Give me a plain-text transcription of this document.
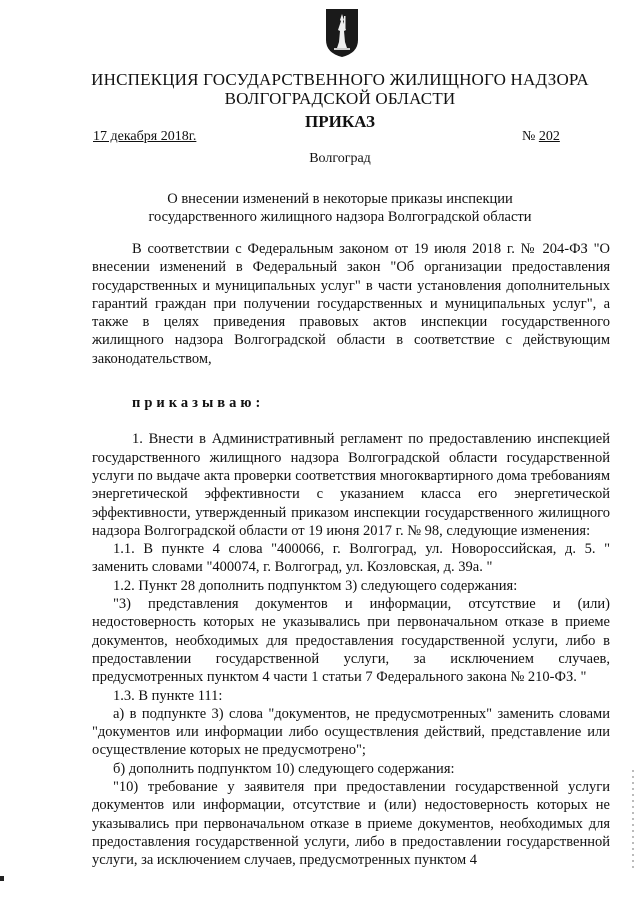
ИНСПЕКЦИЯ ГОСУДАРСТВЕННОГО ЖИЛИЩНОГО НАДЗОРА
ВОЛГОГРАДСКОЙ ОБЛАСТИ
ПРИКАЗ
17 декабря 2018г.	№ 202
Волгоград
О внесении изменений в некоторые приказы инспекции
государственного жилищного надзора Волгоградской области

В соответствии с Федеральным законом от 19 июля 2018 г. № 204-ФЗ "О внесении изменений в Федеральный закон "Об организации предоставления государственных и муниципальных услуг" в части установления дополнительных гарантий граждан при получении государственных и муниципальных услуг", а также в целях приведения правовых актов инспекции государственного жилищного надзора Волгоградской области в соответствие с действующим законодательством,

приказываю:

1. Внести в Административный регламент по предоставлению инспекцией государственного жилищного надзора Волгоградской области государственной услуги по выдаче акта проверки соответствия многоквартирного дома требованиям энергетической эффективности с указанием класса его энергетической эффективности, утвержденный приказом инспекции государственного жилищного надзора Волгоградской области от 19 июня 2017 г. № 98, следующие изменения:

1.1. В пункте 4 слова "400066, г. Волгоград, ул. Новороссийская, д. 5. " заменить словами "400074, г. Волгоград, ул. Козловская, д. 39а. "

1.2. Пункт 28 дополнить подпунктом 3) следующего содержания:

"3) представления документов и информации, отсутствие и (или) недостоверность которых не указывались при первоначальном отказе в приеме документов, необходимых для предоставления государственной услуги, либо в предоставлении государственной услуги, за исключением случаев, предусмотренных пунктом 4 части 1 статьи 7 Федерального закона № 210-ФЗ. "

1.3. В пункте 111:

а) в подпункте 3) слова "документов, не предусмотренных" заменить словами "документов или информации либо осуществления действий, представление или осуществление которых не предусмотрено";

б) дополнить подпунктом 10) следующего содержания:

"10) требование у заявителя при предоставлении государственной услуги документов или информации, отсутствие и (или) недостоверность которых не указывались при первоначальном отказе в приеме документов, необходимых для предоставления государственной услуги, либо в предоставлении государственной услуги, за исключением случаев, предусмотренных пунктом 4
